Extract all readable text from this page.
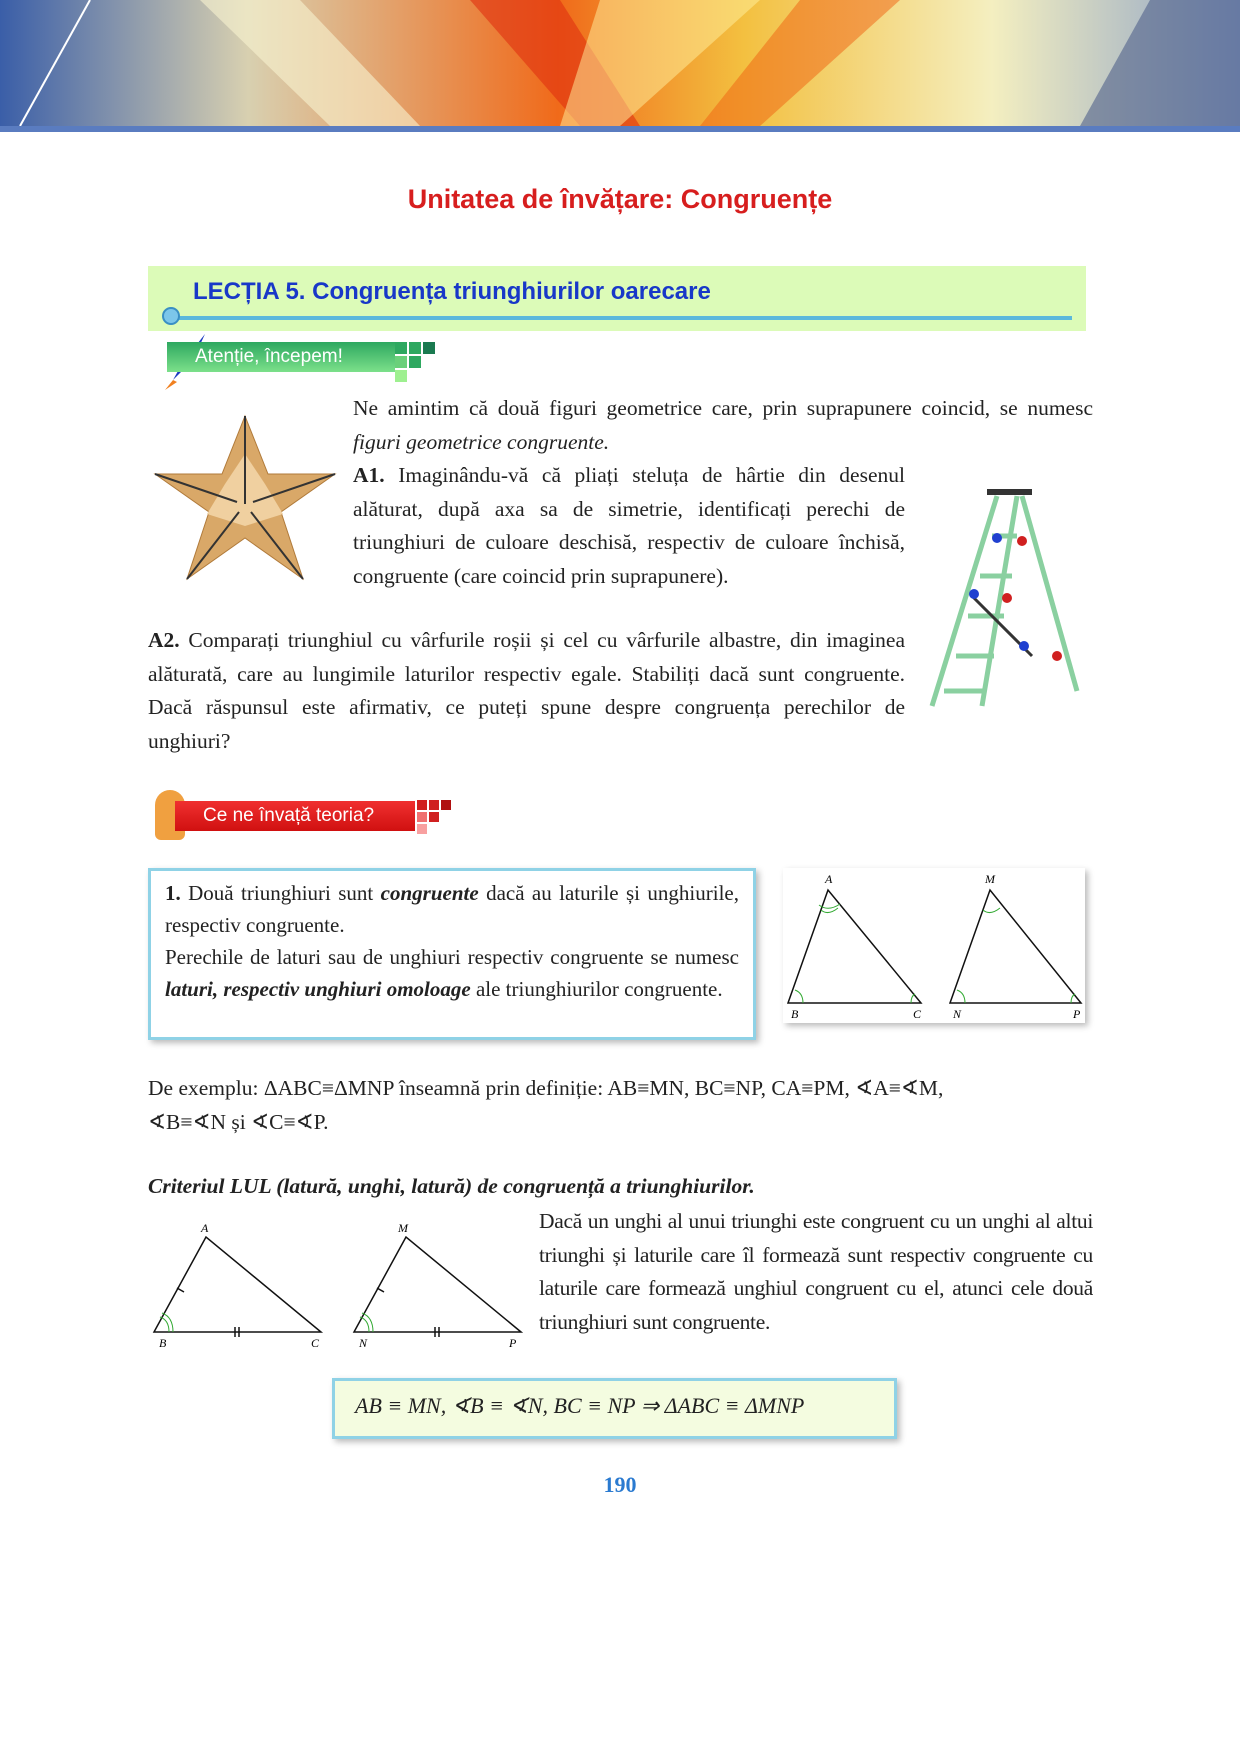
Unitatea de învățare: Congruențe
LECȚIA 5. Congruența triunghiurilor oarecare
Atenție, începem!
Ne amintim că două figuri geometrice care, prin suprapunere coincid, se numesc figuri geometrice congruente.
A1. Imaginându-vă că pliați steluța de hârtie din desenul alăturat, după axa sa de simetrie, identificați perechi de triunghiuri de culoare deschisă, respectiv de culoare închisă, congruente (care coincid prin suprapunere).
A2. Comparați triunghiul cu vârfurile roșii și cel cu vârfurile albastre, din imaginea alăturată, care au lungimile laturilor respectiv egale. Stabiliți dacă sunt congruente. Dacă răspunsul este afirmativ, ce puteți spune despre congruența perechilor de unghiuri?
Ce ne învață teoria?
1. Două triunghiuri sunt congruente dacă au laturile și unghiurile, respectiv congruente.
Perechile de laturi sau de unghiuri respectiv congruente se numesc laturi, respectiv unghiuri omoloage ale triunghiurilor congruente.
A
B	C
M
N	P
De exemplu: ΔABC≡ΔMNP înseamnă prin definiție: AB≡MN, BC≡NP, CA≡PM, ∢A≡∢M,
∢B≡∢N și ∢C≡∢P.
Criteriul LUL (latură, unghi, latură) de congruență a triunghiurilor.
A
B	C
M
N	P
Dacă un unghi al unui triunghi este congruent cu un unghi al altui triunghi și laturile care îl formează sunt respectiv congruente cu laturile care formează unghiul congruent cu el, atunci cele două triunghiuri sunt congruente.
AB ≡ MN, ∢B ≡ ∢N, BC ≡ NP ⇒ ΔABC ≡ ΔMNP
190
